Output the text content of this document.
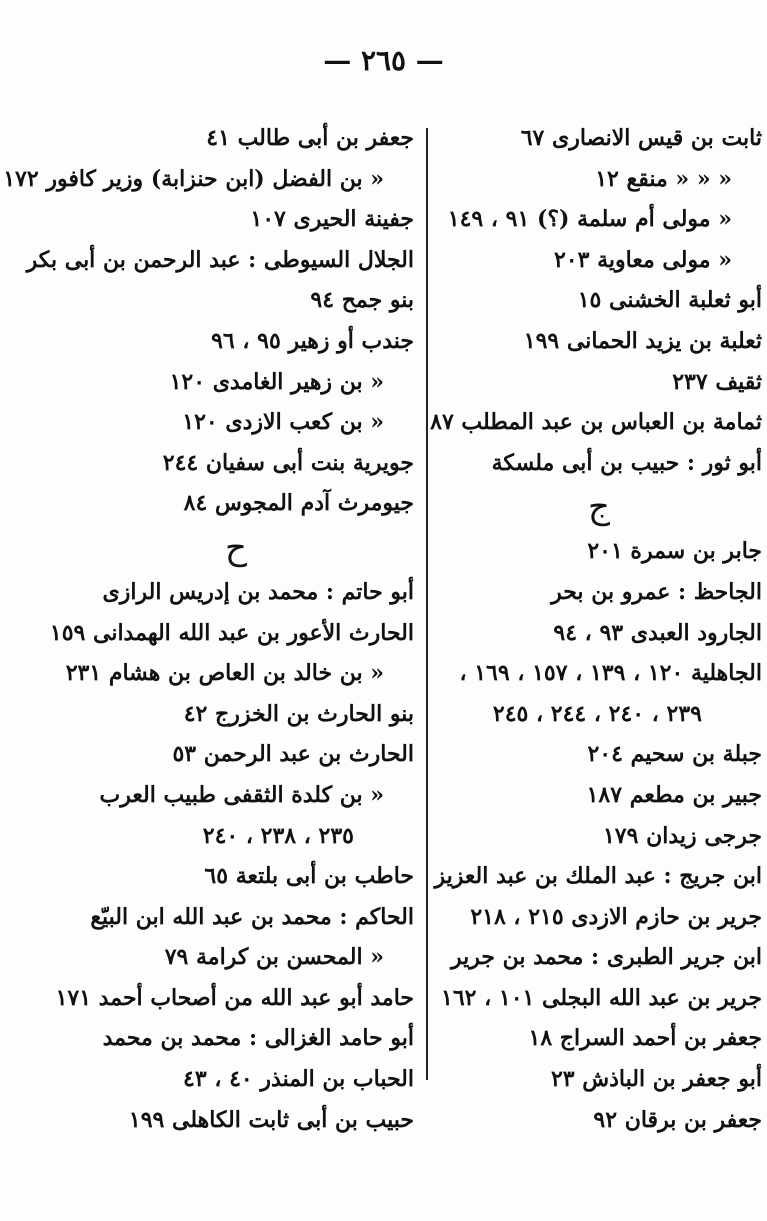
— ٢٦٥ —
ثابت بن قيس الانصارى ٦٧
« « « منقع ١٢
« مولى أم سلمة (؟) ٩١ ، ١٤٩
« مولى معاوية ٢٠٣
أبو ثعلبة الخشنى ١٥
ثعلبة بن يزيد الحمانى ١٩٩
ثقيف ٢٣٧
ثمامة بن العباس بن عبد المطلب ٨٧
أبو ثور : حبيب بن أبى ملسكة
ج
جابر بن سمرة ٢٠١
الجاحظ : عمرو بن بحر
الجارود العبدى ٩٣ ، ٩٤
الجاهلية ١٢٠ ، ١٣٩ ، ١٥٧ ، ١٦٩ ،
٢٣٩ ، ٢٤٠ ، ٢٤٤ ، ٢٤٥
جبلة بن سحيم ٢٠٤
جبير بن مطعم ١٨٧
جرجى زيدان ١٧٩
ابن جريج : عبد الملك بن عبد العزيز
جرير بن حازم الازدى ٢١٥ ، ٢١٨
ابن جرير الطبرى : محمد بن جرير
جرير بن عبد الله البجلى ١٠١ ، ١٦٢
جعفر بن أحمد السراج ١٨
أبو جعفر بن الباذش ٢٣
جعفر بن برقان ٩٢
جعفر بن أبى طالب ٤١
« بن الفضل (ابن حنزابة) وزير كافور ١٧٢
جفينة الحيرى ١٠٧
الجلال السيوطى : عبد الرحمن بن أبى بكر
بنو جمح ٩٤
جندب أو زهير ٩٥ ، ٩٦
« بن زهير الغامدى ١٢٠
« بن كعب الازدى ١٢٠
جويرية بنت أبى سفيان ٢٤٤
جيومرث آدم المجوس ٨٤
ح
أبو حاتم : محمد بن إدريس الرازى
الحارث الأعور بن عبد الله الهمدانى ١٥٩
« بن خالد بن العاص بن هشام ٢٣١
بنو الحارث بن الخزرج ٤٢
الحارث بن عبد الرحمن ٥٣
« بن كلدة الثقفى طبيب العرب
٢٣٥ ، ٢٣٨ ، ٢٤٠
حاطب بن أبى بلتعة ٦٥
الحاكم : محمد بن عبد الله ابن البيّع
« المحسن بن كرامة ٧٩
حامد أبو عبد الله من أصحاب أحمد ١٧١
أبو حامد الغزالى : محمد بن محمد
الحباب بن المنذر ٤٠ ، ٤٣
حبيب بن أبى ثابت الكاهلى ١٩٩
